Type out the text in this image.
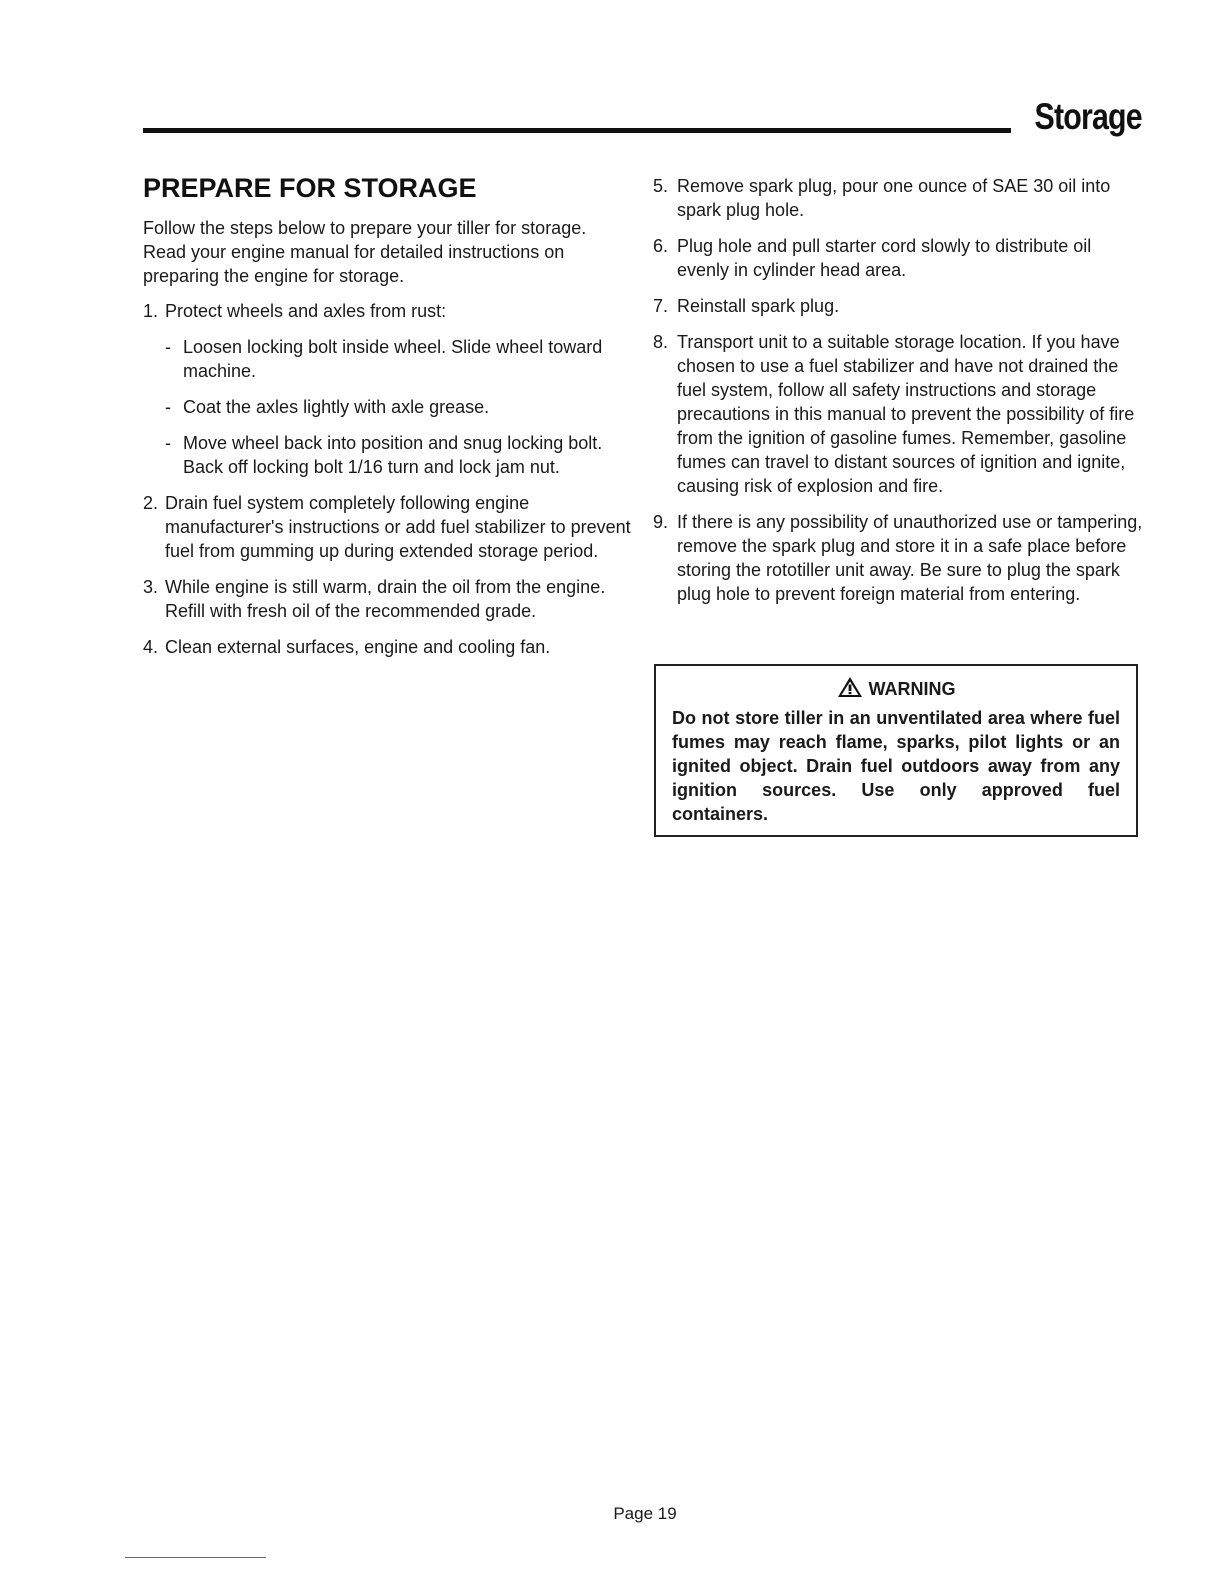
Storage
PREPARE FOR STORAGE

Follow the steps below to prepare your tiller for storage. Read your engine manual for detailed instructions on preparing the engine for storage.

1. Protect wheels and axles from rust:
- Loosen locking bolt inside wheel. Slide wheel toward machine.
- Coat the axles lightly with axle grease.
- Move wheel back into position and snug locking bolt. Back off locking bolt 1/16 turn and lock jam nut.
2. Drain fuel system completely following engine manufacturer's instructions or add fuel stabilizer to prevent fuel from gumming up during extended storage period.
3. While engine is still warm, drain the oil from the engine. Refill with fresh oil of the recommended grade.
4. Clean external surfaces, engine and cooling fan.
5. Remove spark plug, pour one ounce of SAE 30 oil into spark plug hole.
6. Plug hole and pull starter cord slowly to distribute oil evenly in cylinder head area.
7. Reinstall spark plug.
8. Transport unit to a suitable storage location. If you have chosen to use a fuel stabilizer and have not drained the fuel system, follow all safety instructions and storage precautions in this manual to prevent the possibility of fire from the ignition of gasoline fumes. Remember, gasoline fumes can travel to distant sources of ignition and ignite, causing risk of explosion and fire.
9. If there is any possibility of unauthorized use or tampering, remove the spark plug and store it in a safe place before storing the rototiller unit away. Be sure to plug the spark plug hole to prevent foreign material from entering.
WARNING
Do not store tiller in an unventilated area where fuel fumes may reach flame, sparks, pilot lights or an ignited object. Drain fuel outdoors away from any ignition sources. Use only approved fuel containers.
Page 19
